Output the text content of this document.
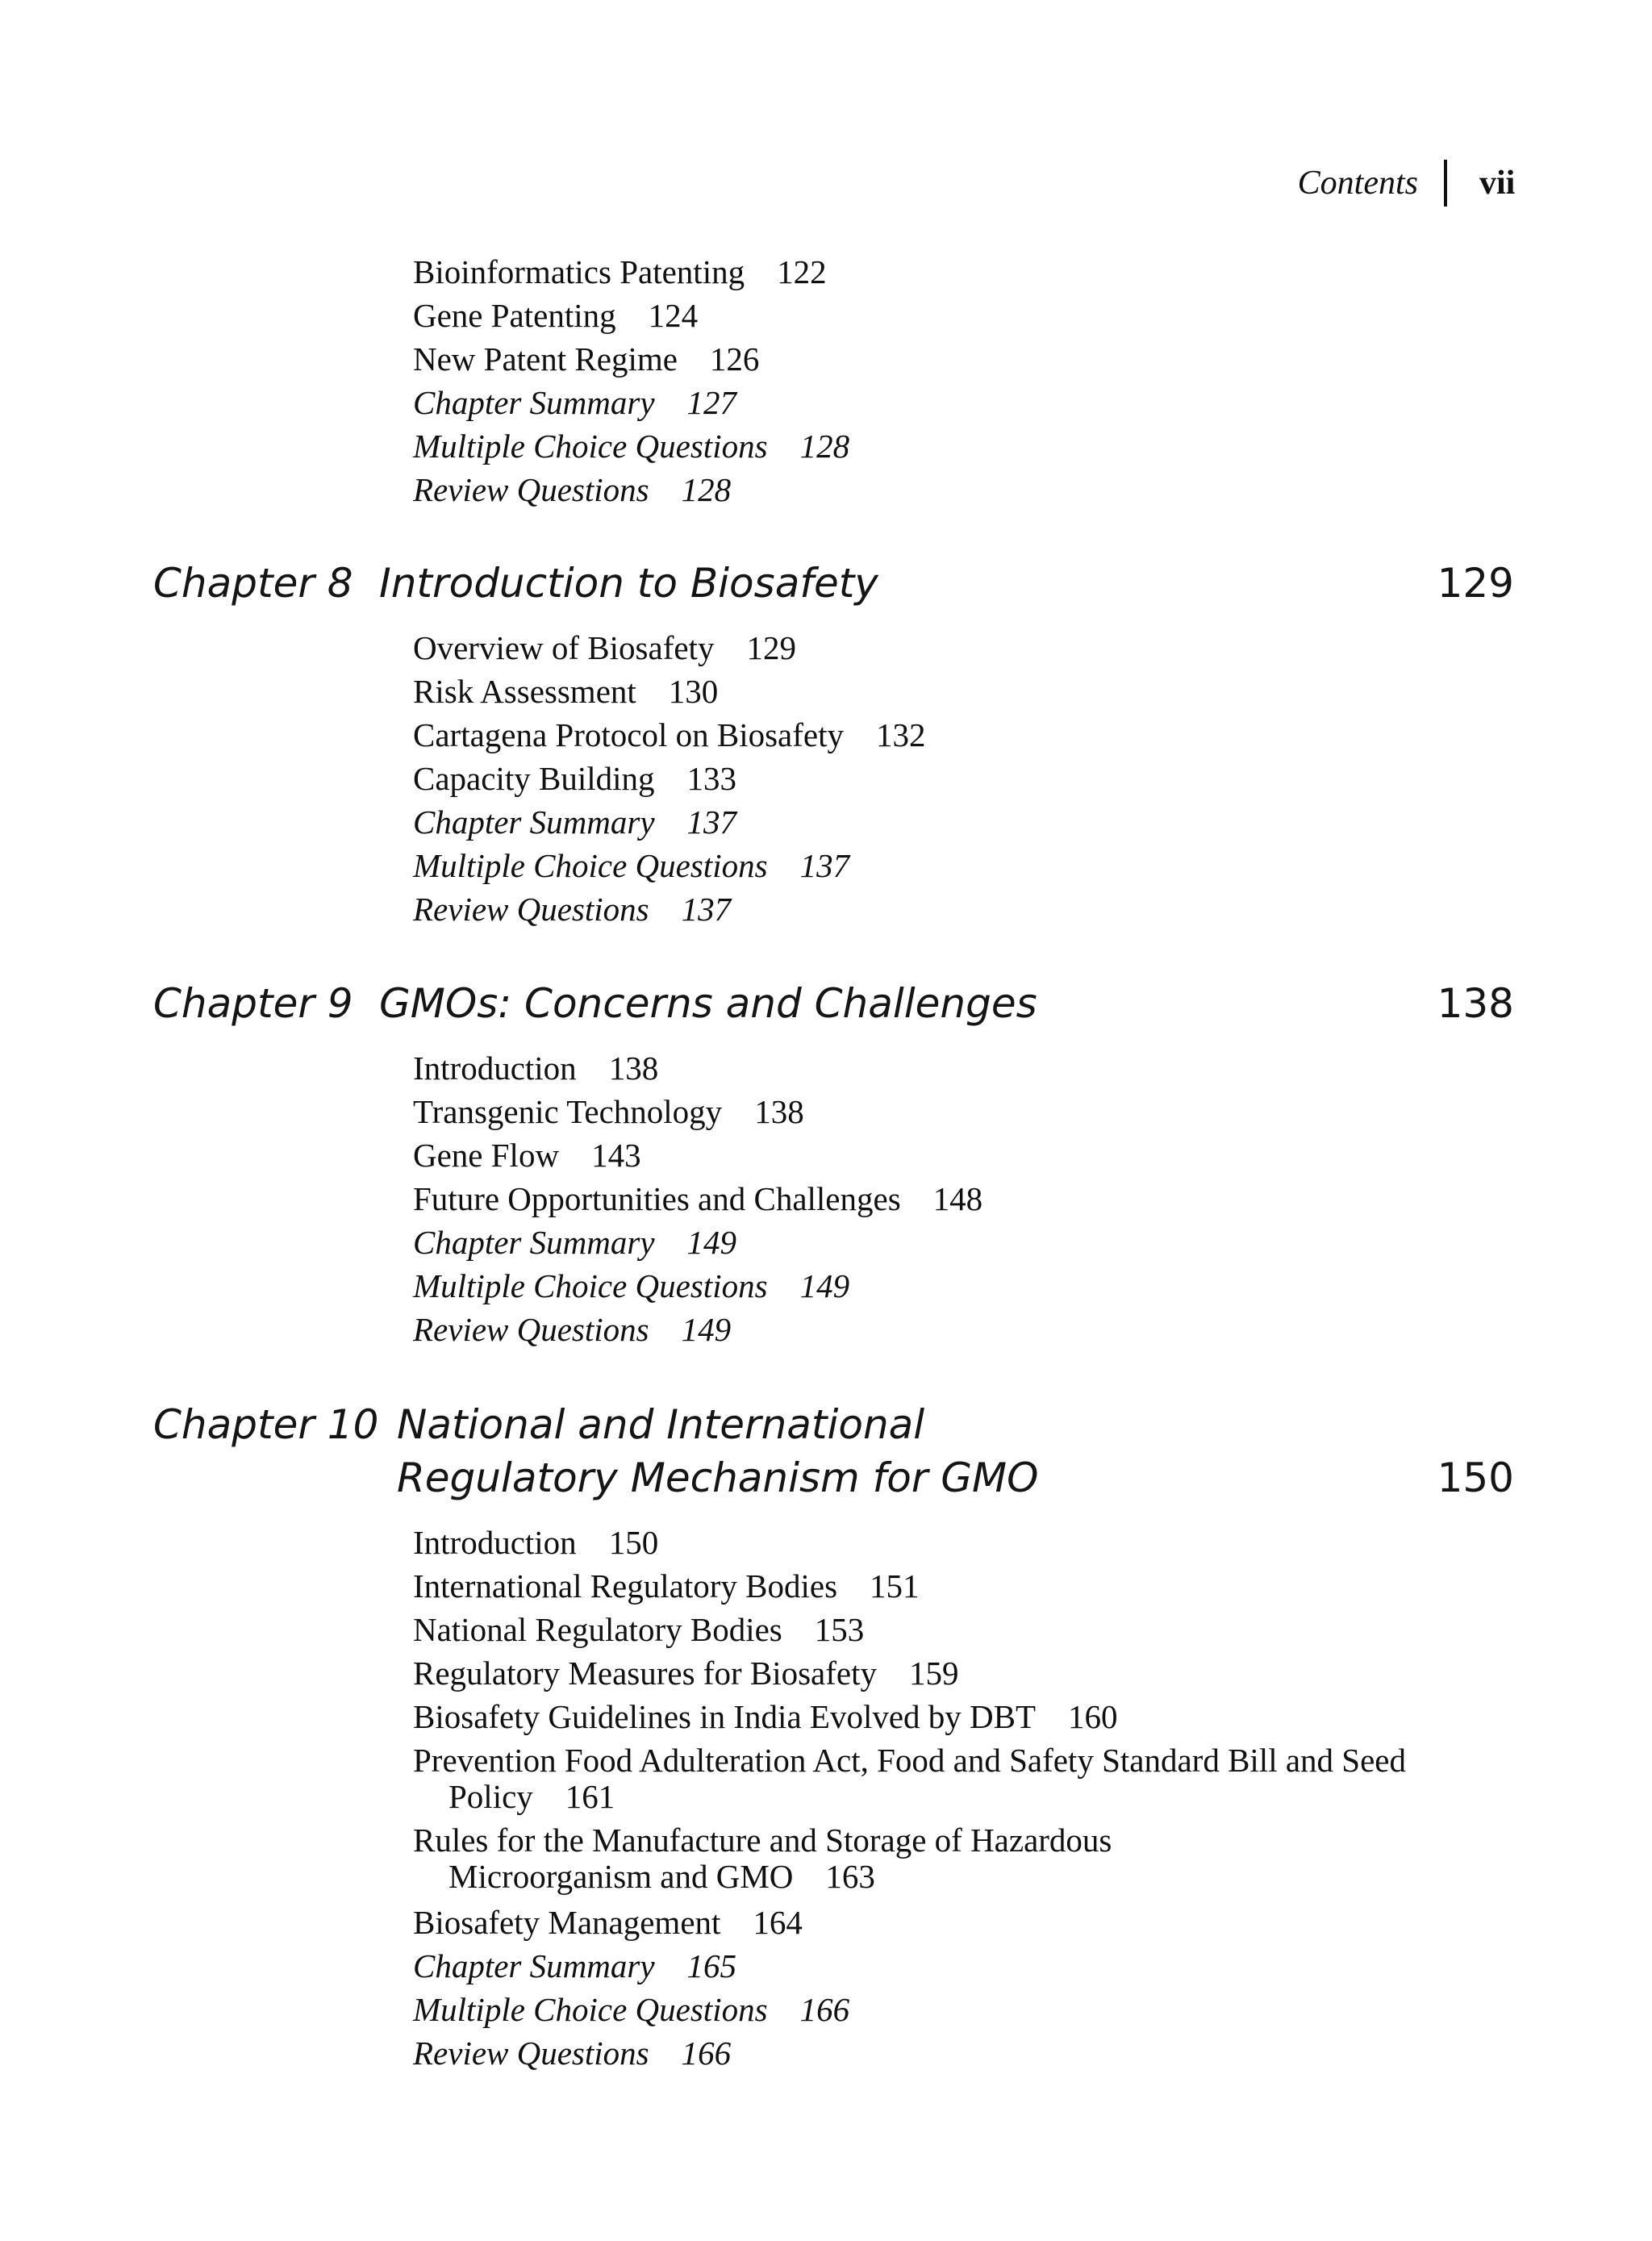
Contents vii
Bioinformatics Patenting 122
Gene Patenting 124
New Patent Regime 126
Chapter Summary 127
Multiple Choice Questions 128
Review Questions 128
Chapter 8 Introduction to Biosafety	129
Overview of Biosafety 129
Risk Assessment 130
Cartagena Protocol on Biosafety 132
Capacity Building 133
Chapter Summary 137
Multiple Choice Questions 137
Review Questions 137
Chapter 9 GMOs: Concerns and Challenges	138
Introduction 138
Transgenic Technology 138
Gene Flow 143
Future Opportunities and Challenges 148
Chapter Summary 149
Multiple Choice Questions 149
Review Questions 149
Chapter 10 National and International
Regulatory Mechanism for GMO	150
Introduction 150
International Regulatory Bodies 151
National Regulatory Bodies 153
Regulatory Measures for Biosafety 159
Biosafety Guidelines in India Evolved by DBT 160
Prevention Food Adulteration Act, Food and Safety Standard Bill and Seed Policy 161
Rules for the Manufacture and Storage of Hazardous Microorganism and GMO 163
Biosafety Management 164
Chapter Summary 165
Multiple Choice Questions 166
Review Questions 166
